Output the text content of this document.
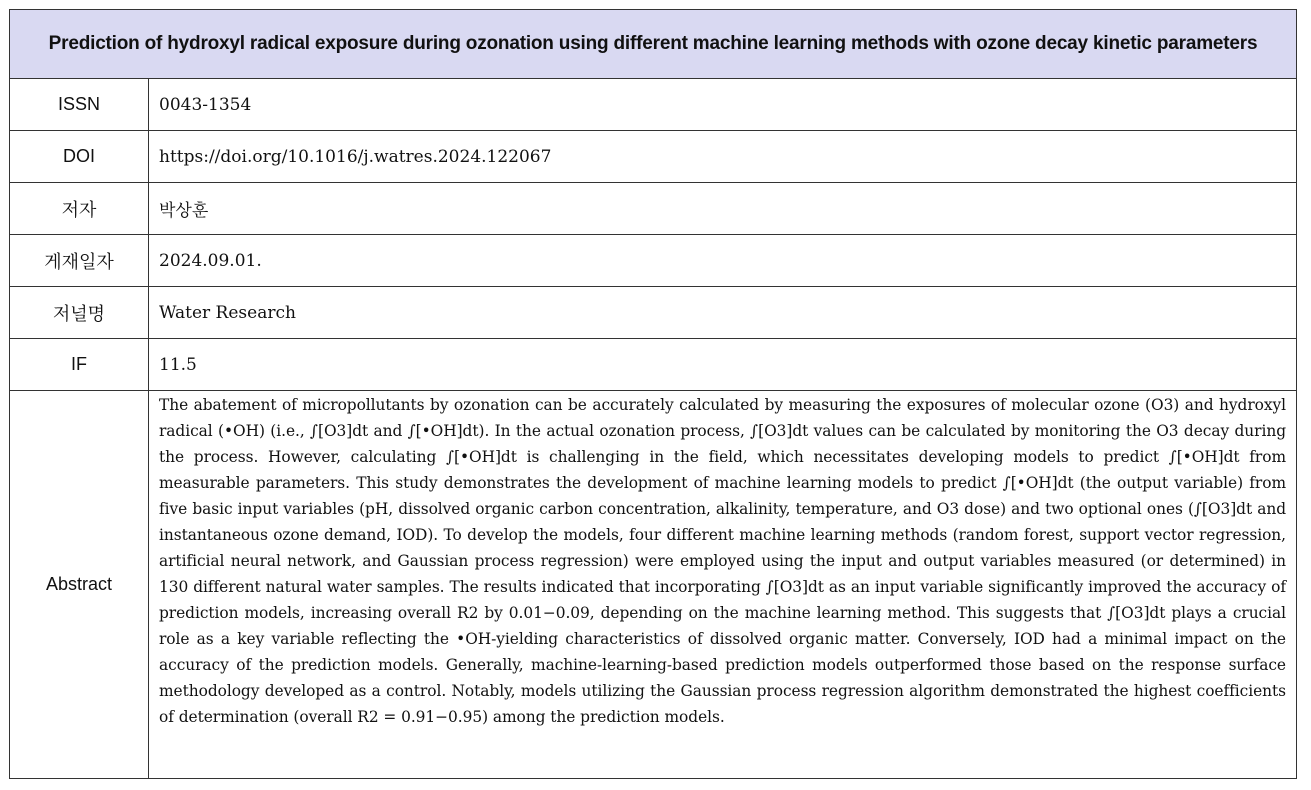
Prediction of hydroxyl radical exposure during ozonation using different machine learning methods with ozone decay kinetic parameters	
ISSN	0043-1354
DOI	https://doi.org/10.1016/j.watres.2024.122067
저자	박상훈
게재일자	2024.09.01.
저널명	Water Research
IF	11.5
Abstract	The abatement of micropollutants by ozonation can be accurately calculated by measuring the exposures of molecular ozone (O3) and hydroxyl radical (•OH) (i.e., ∫[O3]dt and ∫[•OH]dt). In the actual ozonation process, ∫[O3]dt values can be calculated by monitoring the O3 decay during the process. However, calculating ∫[•OH]dt is challenging in the field, which necessitates developing models to predict ∫[•OH]dt from measurable parameters. This study demonstrates the development of machine learning models to predict ∫[•OH]dt (the output variable) from five basic input variables (pH, dissolved organic carbon concentration, alkalinity, temperature, and O3 dose) and two optional ones (∫[O3]dt and instantaneous ozone demand, IOD). To develop the models, four different machine learning methods (random forest, support vector regression, artificial neural network, and Gaussian process regression) were employed using the input and output variables measured (or determined) in 130 different natural water samples. The results indicated that incorporating ∫[O3]dt as an input variable significantly improved the accuracy of prediction models, increasing overall R2 by 0.01−0.09, depending on the machine learning method. This suggests that ∫[O3]dt plays a crucial role as a key variable reflecting the •OH-yielding characteristics of dissolved organic matter. Conversely, IOD had a minimal impact on the accuracy of the prediction models. Generally, machine-learning-based prediction models outperformed those based on the response surface methodology developed as a control. Notably, models utilizing the Gaussian process regression algorithm demonstrated the highest coefficients of determination (overall R2 = 0.91−0.95) among the prediction models.
